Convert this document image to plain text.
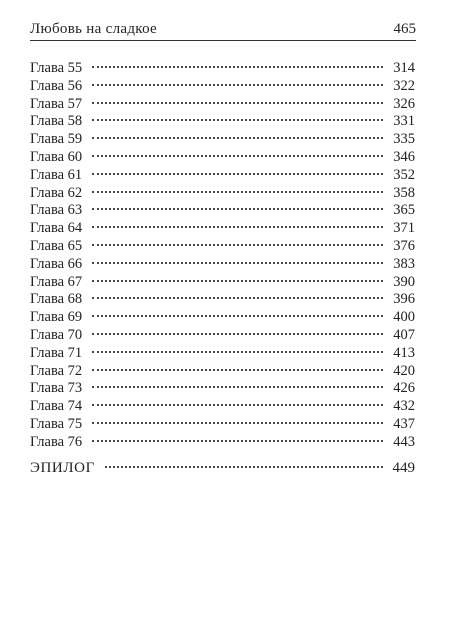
Любовь на сладкое	465
Глава 55	314
Глава 56	322
Глава 57	326
Глава 58	331
Глава 59	335
Глава 60	346
Глава 61	352
Глава 62	358
Глава 63	365
Глава 64	371
Глава 65	376
Глава 66	383
Глава 67	390
Глава 68	396
Глава 69	400
Глава 70	407
Глава 71	413
Глава 72	420
Глава 73	426
Глава 74	432
Глава 75	437
Глава 76	443
ЭПИЛОГ	449
